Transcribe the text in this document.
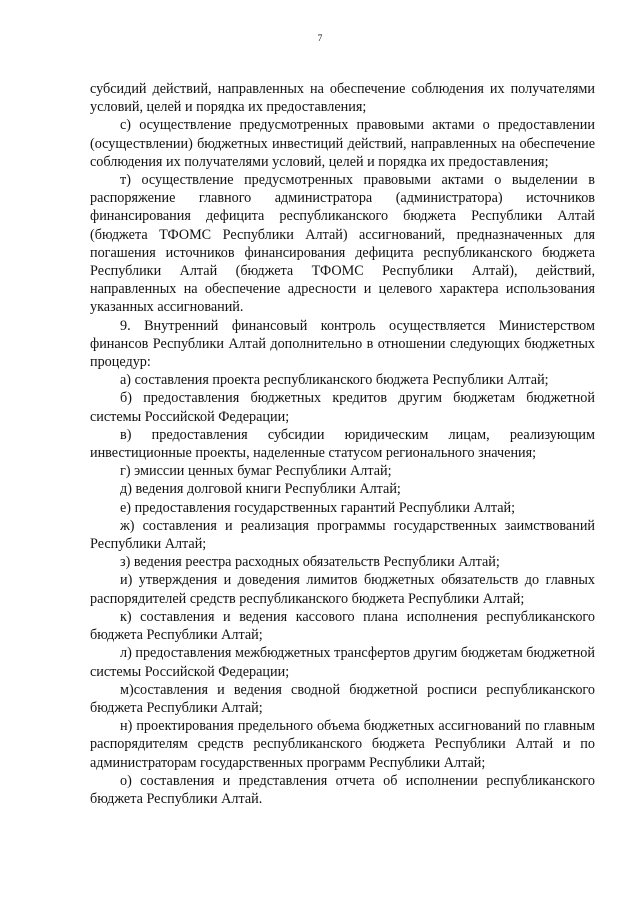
7

субсидий действий, направленных на обеспечение соблюдения их получателями условий, целей и порядка их предоставления;

с) осуществление предусмотренных правовыми актами о предоставлении (осуществлении) бюджетных инвестиций действий, направленных на обеспечение соблюдения их получателями условий, целей и порядка их предоставления;

т) осуществление предусмотренных правовыми актами о выделении в распоряжение главного администратора (администратора) источников финансирования дефицита республиканского бюджета Республики Алтай (бюджета ТФОМС Республики Алтай) ассигнований, предназначенных для погашения источников финансирования дефицита республиканского бюджета Республики Алтай (бюджета ТФОМС Республики Алтай), действий, направленных на обеспечение адресности и целевого характера использования указанных ассигнований.

9. Внутренний финансовый контроль осуществляется Министерством финансов Республики Алтай дополнительно в отношении следующих бюджетных процедур:

а) составления проекта республиканского бюджета Республики Алтай;

б) предоставления бюджетных кредитов другим бюджетам бюджетной системы Российской Федерации;

в) предоставления субсидии юридическим лицам, реализующим инвестиционные проекты, наделенные статусом регионального значения;

г) эмиссии ценных бумаг Республики Алтай;

д) ведения долговой книги Республики Алтай;

е) предоставления государственных гарантий Республики Алтай;

ж) составления и реализация программы государственных заимствований Республики Алтай;

з) ведения реестра расходных обязательств Республики Алтай;

и) утверждения и доведения лимитов бюджетных обязательств до главных распорядителей средств республиканского бюджета Республики Алтай;

к) составления и ведения кассового плана исполнения республиканского бюджета Республики Алтай;

л) предоставления межбюджетных трансфертов другим бюджетам бюджетной системы Российской Федерации;

м)составления и ведения сводной бюджетной росписи республиканского бюджета Республики Алтай;

н) проектирования предельного объема бюджетных ассигнований по главным распорядителям средств республиканского бюджета Республики Алтай и по администраторам государственных программ Республики Алтай;

о) составления и представления отчета об исполнении республиканского бюджета Республики Алтай.
